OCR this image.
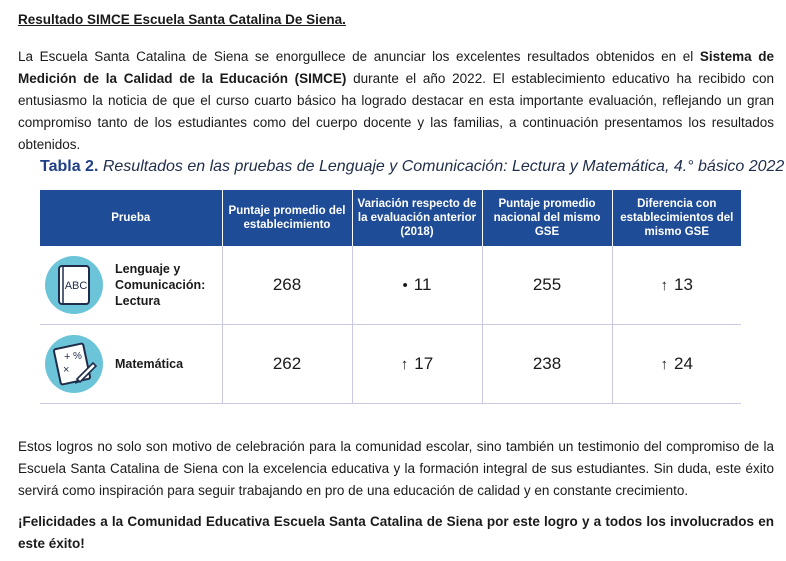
Resultado SIMCE Escuela Santa Catalina De Siena.

La Escuela Santa Catalina de Siena se enorgullece de anunciar los excelentes resultados obtenidos en el Sistema de Medición de la Calidad de la Educación (SIMCE) durante el año 2022. El establecimiento educativo ha recibido con entusiasmo la noticia de que el curso cuarto básico ha logrado destacar en esta importante evaluación, reflejando un gran compromiso tanto de los estudiantes como del cuerpo docente y las familias, a continuación presentamos los resultados obtenidos.

Tabla 2. Resultados en las pruebas de Lenguaje y Comunicación: Lectura y Matemática, 4.° básico 2022
Prueba	Puntaje promedio del establecimiento	Variación respecto de la evaluación anterior (2018)	Puntaje promedio nacional del mismo GSE	Diferencia con establecimientos del mismo GSE

ABC
Lenguaje y Comunicación: Lectura	268	• 11	255	↑ 13

+ %
× Matemática	262	↑ 17	238	↑ 24

Estos logros no solo son motivo de celebración para la comunidad escolar, sino también un testimonio del compromiso de la Escuela Santa Catalina de Siena con la excelencia educativa y la formación integral de sus estudiantes. Sin duda, este éxito servirá como inspiración para seguir trabajando en pro de una educación de calidad y en constante crecimiento.

¡Felicidades a la Comunidad Educativa Escuela Santa Catalina de Siena por este logro y a todos los involucrados en este éxito!
